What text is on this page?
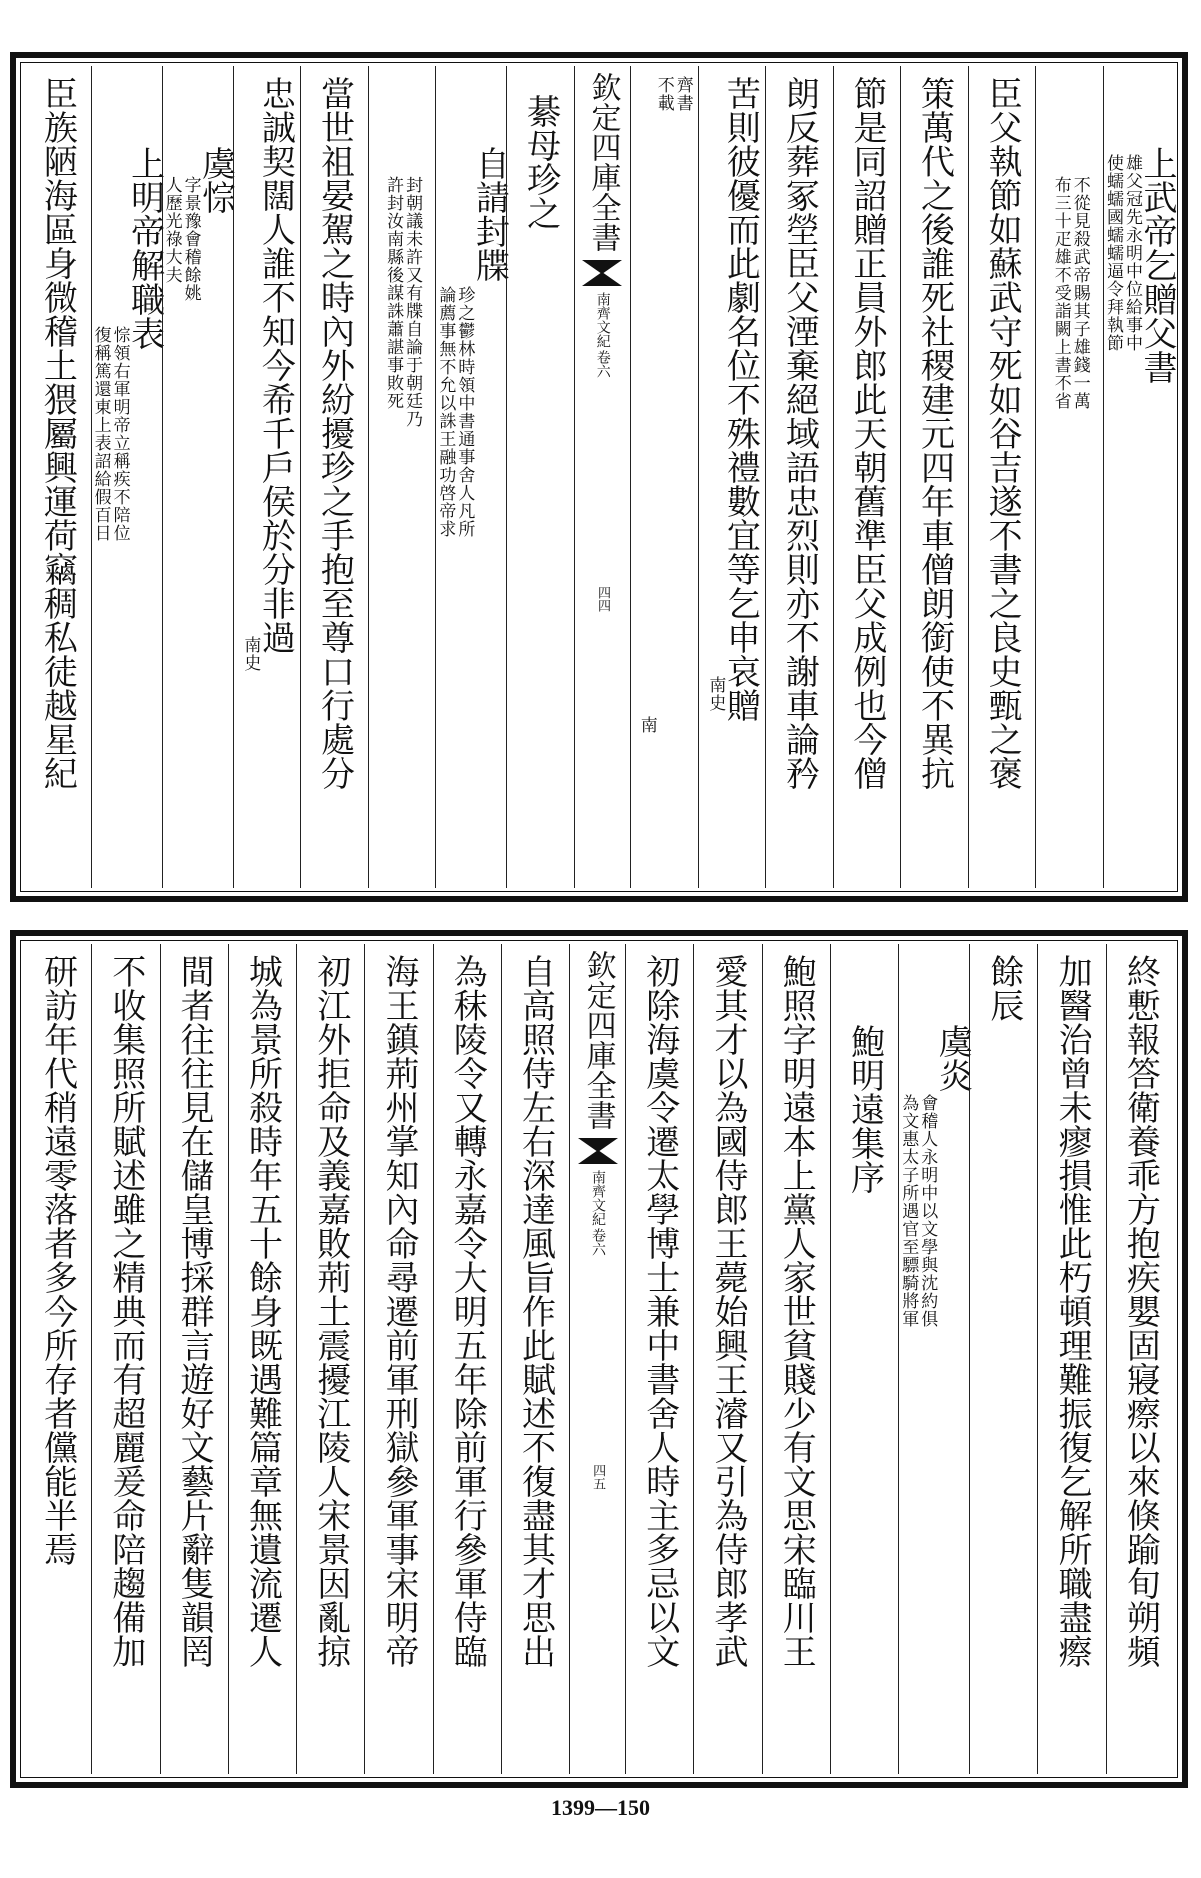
上武帝乞贈父書
雄父冠先永明中位給事中
使蠕蠕國蠕蠕逼令拜執節
不從見殺武帝賜其子雄錢一萬
布三十疋雄不受詣闕上書不省
臣父執節如蘇武守死如谷吉遂不書之良史甄之褒
策萬代之後誰死社稷建元四年車僧朗銜使不異抗
節是同詔贈正員外郎此天朝舊準臣父成例也今僧
朗反葬冢塋臣父湮棄絕域語忠烈則亦不謝車論矜
苦則彼優而此劇名位不殊禮數宜等乞申哀贈
南史
齊書
不載
南
欽定四庫全書
南齊文紀
卷六
四四
綦母珍之
自請封牒
珍之鬱林時領中書通事舍人凡所
論薦事無不允以誅王融功啓帝求
封朝議未許又有牒自論于朝廷乃
許封汝南縣後謀誅蕭諶事敗死
當世祖晏駕之時內外紛擾珍之手抱至尊口行處分
忠誠契闊人誰不知今希千戶侯於分非過
南史
虞悰
字景豫會稽餘姚
人歷光祿大夫
上明帝解職表
悰領右軍明帝立稱疾不陪位
復稱篤還東上表詔給假百日
臣族陋海區身微稽土猥屬興運荷竊稠私徒越星紀
終慙報答衛養乖方抱疾嬰固寢瘵以來倏踰旬朔頻
加醫治曾未瘳損惟此朽頓理難振復乞解所職盡瘵
餘辰
虞炎
會稽人永明中以文學與沈約俱
為文惠太子所遇官至驃騎將軍
鮑明遠集序
鮑照字明遠本上黨人家世貧賤少有文思宋臨川王
愛其才以為國侍郎王薨始興王濬又引為侍郎孝武
初除海虞令遷太學博士兼中書舍人時主多忌以文
欽定四庫全書
南齊文紀
卷六
四五
自高照侍左右深達風旨作此賦述不復盡其才思出
為秣陵令又轉永嘉令大明五年除前軍行參軍侍臨
海王鎮荊州掌知內命尋遷前軍刑獄參軍事宋明帝
初江外拒命及義嘉敗荊土震擾江陵人宋景因亂掠
城為景所殺時年五十餘身既遇難篇章無遺流遷人
間者往往見在儲皇博採群言遊好文藝片辭隻韻罔
不收集照所賦述雖之精典而有超麗爰命陪趨備加
研訪年代稍遠零落者多今所存者儻能半焉
1399—150
